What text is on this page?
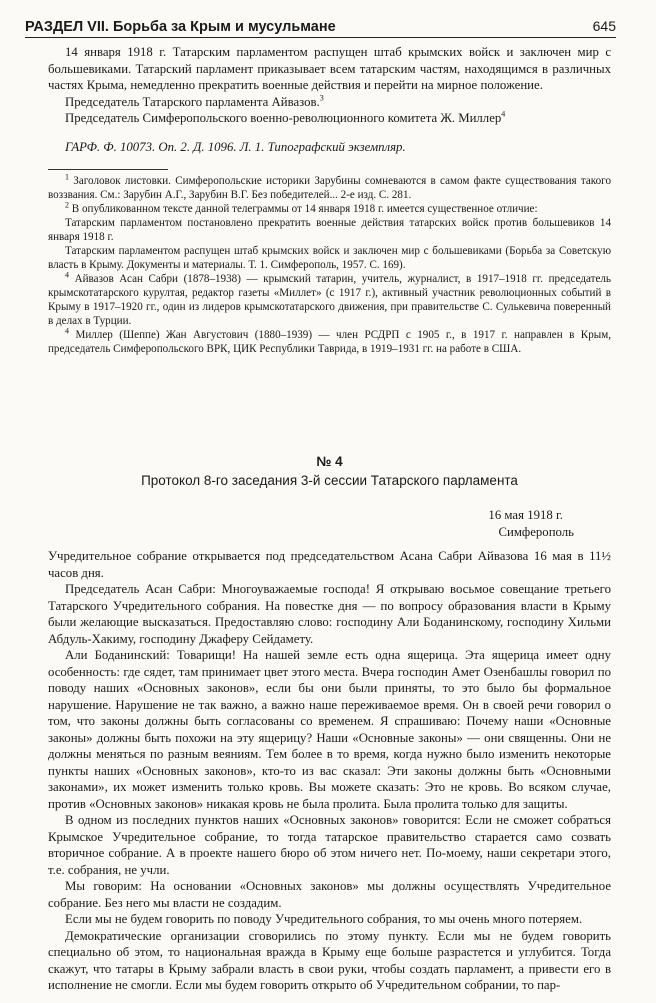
РАЗДЕЛ VII. Борьба за Крым и мусульмане	645

14 января 1918 г. Татарским парламентом распущен штаб крымских войск и заключен мир с большевиками. Татарский парламент приказывает всем татарским частям, находящимся в различных частях Крыма, немедленно прекратить военные действия и перейти на мирное положение.

Председатель Татарского парламента Айвазов.$^3$

Председатель Симферопольского военно-революционного комитета Ж. Миллер$^4$

ГАРФ. Ф. 10073. Оп. 2. Д. 1096. Л. 1. Типографский экземпляр.

$^1$ Заголовок листовки. Симферопольские историки Зарубины сомневаются в самом факте существования такого воззвания. См.: Зарубин А.Г., Зарубин В.Г. Без победителей... 2-е изд. С. 281.

$^2$ В опубликованном тексте данной телеграммы от 14 января 1918 г. имеется существенное отличие:

Татарским парламентом постановлено прекратить военные действия татарских войск против большевиков 14 января 1918 г.

Татарским парламентом распущен штаб крымских войск и заключен мир с большевиками (Борьба за Советскую власть в Крыму. Документы и материалы. Т. 1. Симферополь, 1957. С. 169).

$^4$ Айвазов Асан Сабри (1878–1938) — крымский татарин, учитель, журналист, в 1917–1918 гг. председатель крымскотатарского курултая, редактор газеты «Миллет» (с 1917 г.), активный участник революционных событий в Крыму в 1917–1920 гг., один из лидеров крымскотатарского движения, при правительстве С. Сулькевича поверенный в делах в Турции.

$^4$ Миллер (Шеппе) Жан Августович (1880–1939) — член РСДРП с 1905 г., в 1917 г. направлен в Крым, председатель Симферопольского ВРК, ЦИК Республики Таврида, в 1919–1931 гг. на работе в США.

№ 4

Протокол 8-го заседания 3-й сессии Татарского парламента

16 мая 1918 г.

Симферополь

Учредительное собрание открывается под председательством Асана Сабри Айвазова 16 мая в 11½ часов дня.

Председатель Асан Сабри: Многоуважаемые господа! Я открываю восьмое совещание третьего Татарского Учредительного собрания. На повестке дня — по вопросу образования власти в Крыму были желающие высказаться. Предоставляю слово: господину Али Боданинскому, господину Хильми Абдуль-Хакиму, господину Джаферу Сейдамету.

Али Боданинский: Товарищи! На нашей земле есть одна ящерица. Эта ящерица имеет одну особенность: где сядет, там принимает цвет этого места. Вчера господин Амет Озенбашлы говорил по поводу наших «Основных законов», если бы они были приняты, то это было бы формальное нарушение. Нарушение не так важно, а важно наше переживаемое время. Он в своей речи говорил о том, что законы должны быть согласованы со временем. Я спрашиваю: Почему наши «Основные законы» должны быть похожи на эту ящерицу? Наши «Основные законы» — они священны. Они не должны меняться по разным веяниям. Тем более в то время, когда нужно было изменить некоторые пункты наших «Основных законов», кто-то из вас сказал: Эти законы должны быть «Основными законами», их может изменить только кровь. Вы можете сказать: Это не кровь. Во всяком случае, против «Основных законов» никакая кровь не была пролита. Была пролита только для защиты.

В одном из последних пунктов наших «Основных законов» говорится: Если не сможет собраться Крымское Учредительное собрание, то тогда татарское правительство старается само созвать вторичное собрание. А в проекте нашего бюро об этом ничего нет. По-моему, наши секретари этого, т.е. собрания, не учли.

Мы говорим: На основании «Основных законов» мы должны осуществлять Учредительное собрание. Без него мы власти не создадим.

Если мы не будем говорить по поводу Учредительного собрания, то мы очень много потеряем.

Демократические организации сговорились по этому пункту. Если мы не будем говорить специально об этом, то национальная вражда в Крыму еще больше разрастется и углубится. Тогда скажут, что татары в Крыму забрали власть в свои руки, чтобы создать парламент, а привести его в исполнение не смогли. Если мы будем говорить открыто об Учредительном собрании, то пар-
